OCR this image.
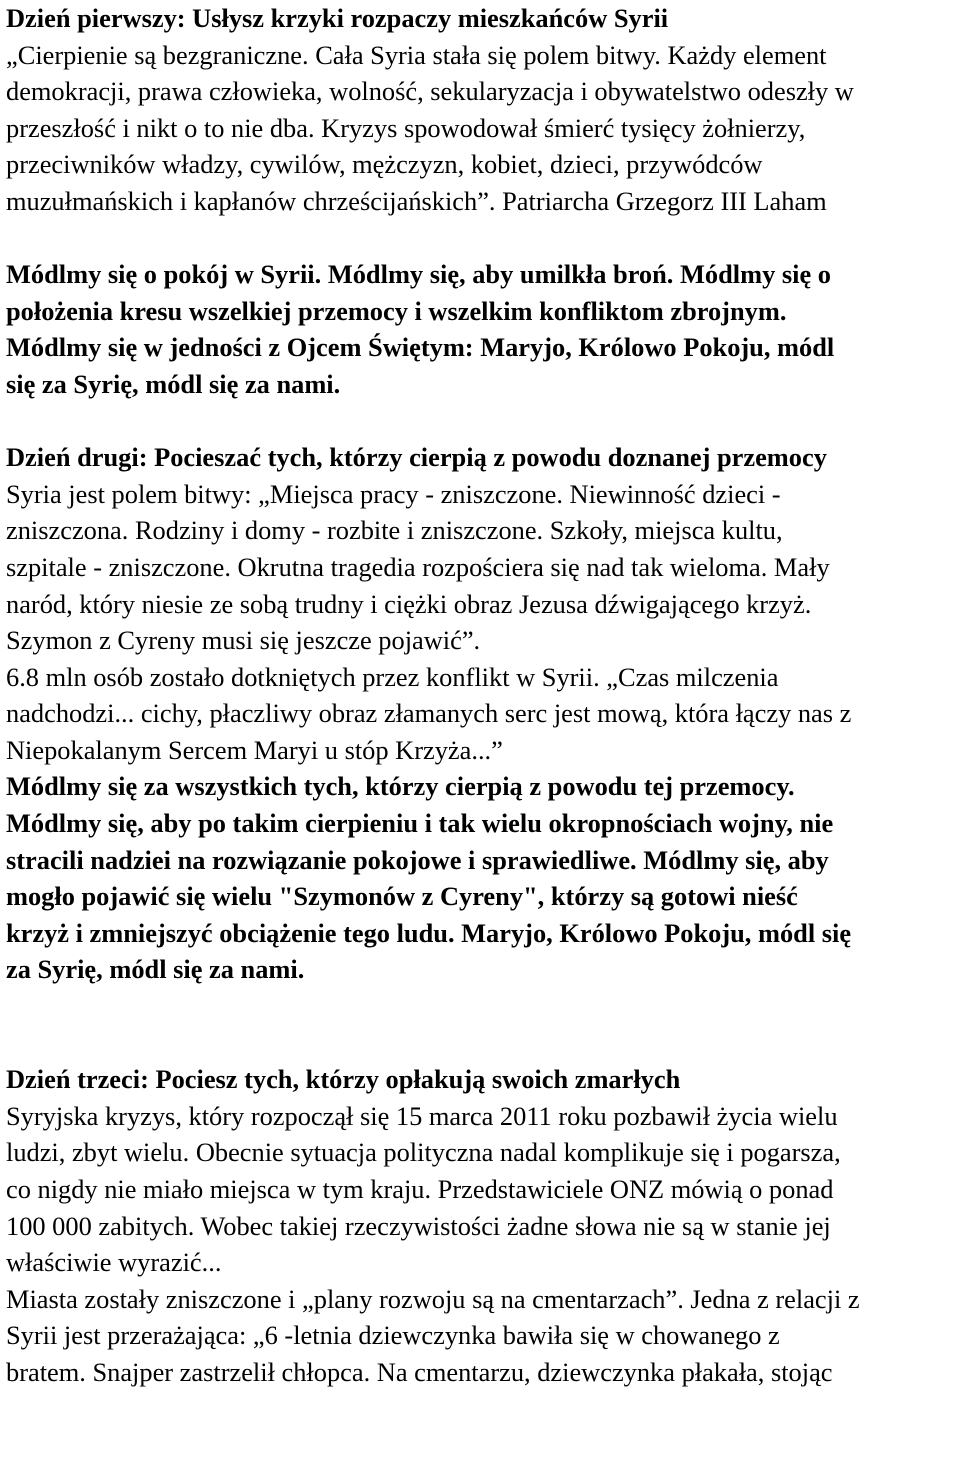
Dzień pierwszy: Usłysz krzyki rozpaczy mieszkańców Syrii
„Cierpienie są bezgraniczne. Cała Syria stała się polem bitwy. Każdy element
demokracji, prawa człowieka, wolność, sekularyzacja i obywatelstwo odeszły w
przeszłość i nikt o to nie dba. Kryzys spowodował śmierć tysięcy żołnierzy,
przeciwników władzy, cywilów, mężczyzn, kobiet, dzieci, przywódców
muzułmańskich i kapłanów chrześcijańskich”. Patriarcha Grzegorz III Laham
Módlmy się o pokój w Syrii. Módlmy się, aby umilkła broń. Módlmy się o
położenia kresu wszelkiej przemocy i wszelkim konfliktom zbrojnym.
Módlmy się w jedności z Ojcem Świętym: Maryjo, Królowo Pokoju, módl
się za Syrię, módl się za nami.
Dzień drugi: Pocieszać tych, którzy cierpią z powodu doznanej przemocy
Syria jest polem bitwy: „Miejsca pracy - zniszczone. Niewinność dzieci -
zniszczona. Rodziny i domy - rozbite i zniszczone. Szkoły, miejsca kultu,
szpitale - zniszczone. Okrutna tragedia rozpościera się nad tak wieloma. Mały
naród, który niesie ze sobą trudny i ciężki obraz Jezusa dźwigającego krzyż.
Szymon z Cyreny musi się jeszcze pojawić”.
6.8 mln osób zostało dotkniętych przez konflikt w Syrii. „Czas milczenia
nadchodzi... cichy, płaczliwy obraz złamanych serc jest mową, która łączy nas z
Niepokalanym Sercem Maryi u stóp Krzyża...”
Módlmy się za wszystkich tych, którzy cierpią z powodu tej przemocy.
Módlmy się, aby po takim cierpieniu i tak wielu okropnościach wojny, nie
stracili nadziei na rozwiązanie pokojowe i sprawiedliwe. Módlmy się, aby
mogło pojawić się wielu "Szymonów z Cyreny", którzy są gotowi nieść
krzyż i zmniejszyć obciążenie tego ludu. Maryjo, Królowo Pokoju, módl się
za Syrię, módl się za nami.
Dzień trzeci: Pociesz tych, którzy opłakują swoich zmarłych
Syryjska kryzys, który rozpoczął się 15 marca 2011 roku pozbawił życia wielu
ludzi, zbyt wielu. Obecnie sytuacja polityczna nadal komplikuje się i pogarsza,
co nigdy nie miało miejsca w tym kraju. Przedstawiciele ONZ mówią o ponad
100 000 zabitych. Wobec takiej rzeczywistości żadne słowa nie są w stanie jej
właściwie wyrazić...
Miasta zostały zniszczone i „plany rozwoju są na cmentarzach”. Jedna z relacji z
Syrii jest przerażająca: „6 -letnia dziewczynka bawiła się w chowanego z
bratem. Snajper zastrzelił chłopca. Na cmentarzu, dziewczynka płakała, stojąc
